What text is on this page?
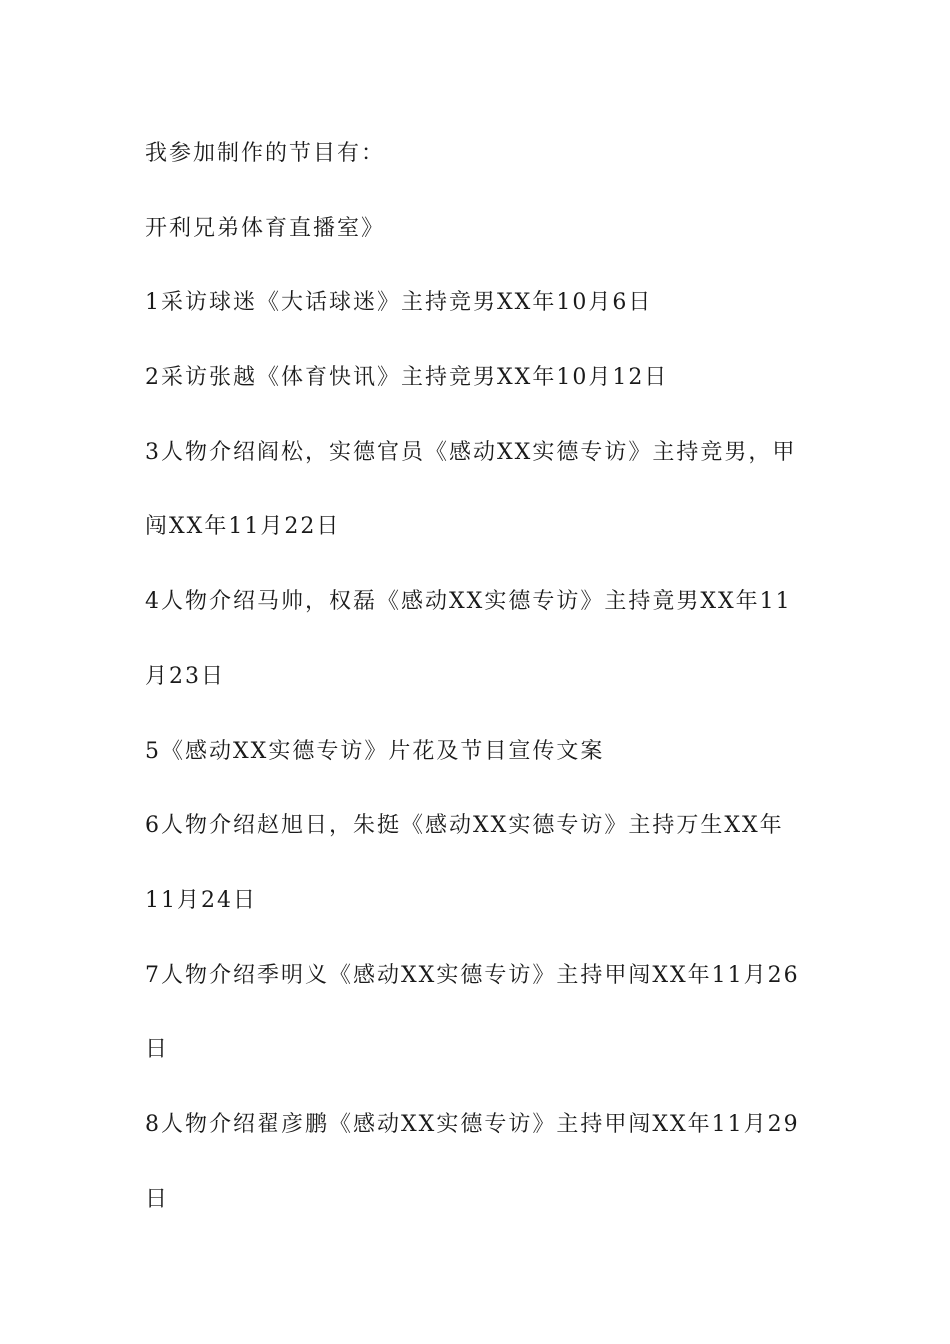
我参加制作的节目有：
开利兄弟体育直播室》
1采访球迷《大话球迷》主持竞男XX年10月6日
2采访张越《体育快讯》主持竞男XX年10月12日
3人物介绍阎松，实德官员《感动XX实德专访》主持竞男，甲
闯XX年11月22日
4人物介绍马帅，权磊《感动XX实德专访》主持竟男XX年11
月23日
5《感动XX实德专访》片花及节目宣传文案
6人物介绍赵旭日，朱挺《感动XX实德专访》主持万生XX年
11月24日
7人物介绍季明义《感动XX实德专访》主持甲闯XX年11月26
日
8人物介绍翟彦鹏《感动XX实德专访》主持甲闯XX年11月29
日
